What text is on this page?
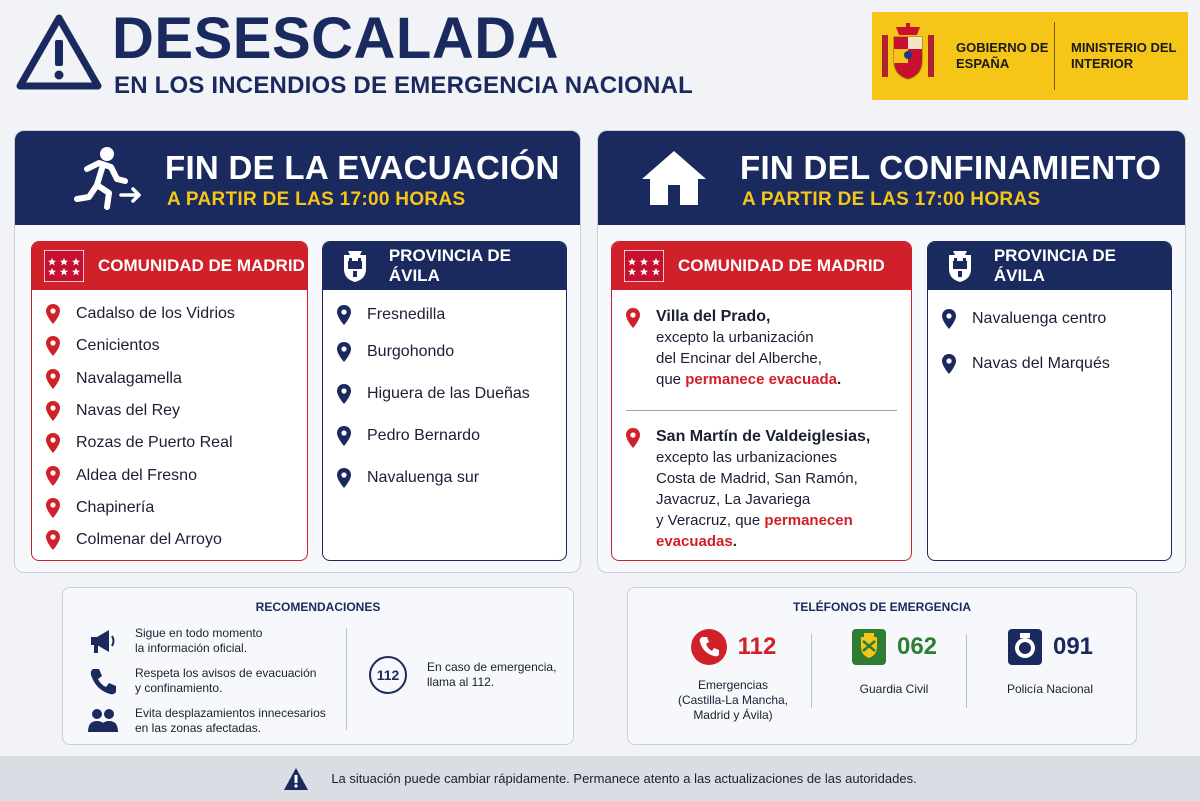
DESESCALADA
EN LOS INCENDIOS DE EMERGENCIA NACIONAL
GOBIERNO DE ESPAÑA
MINISTERIO DEL INTERIOR
FIN DE LA EVACUACIÓN
A PARTIR DE LAS 17:00 HORAS
COMUNIDAD DE MADRID
Cadalso de los Vidrios
Cenicientos
Navalagamella
Navas del Rey
Rozas de Puerto Real
Aldea del Fresno
Chapinería
Colmenar del Arroyo
PROVINCIA DE ÁVILA
Fresnedilla
Burgohondo
Higuera de las Dueñas
Pedro Bernardo
Navaluenga sur
FIN DEL CONFINAMIENTO
A PARTIR DE LAS 17:00 HORAS
COMUNIDAD DE MADRID
Villa del Prado,
excepto la urbanización
del Encinar del Alberche,
que permanece evacuada.
San Martín de Valdeiglesias,
excepto las urbanizaciones
Costa de Madrid, San Ramón,
Javacruz, La Javariega
y Veracruz, que permanecen
evacuadas.
PROVINCIA DE ÁVILA
Navaluenga centro
Navas del Marqués
RECOMENDACIONES
Sigue en todo momento
la información oficial.
Respeta los avisos de evacuación
y confinamiento.
Evita desplazamientos innecesarios
en las zonas afectadas.
112	En caso de emergencia,
llama al 112.
TELÉFONOS DE EMERGENCIA
112
Emergencias
(Castilla-La Mancha,
Madrid y Ávila)
062
Guardia Civil
091
Policía Nacional
La situación puede cambiar rápidamente. Permanece atento a las actualizaciones de las autoridades.
